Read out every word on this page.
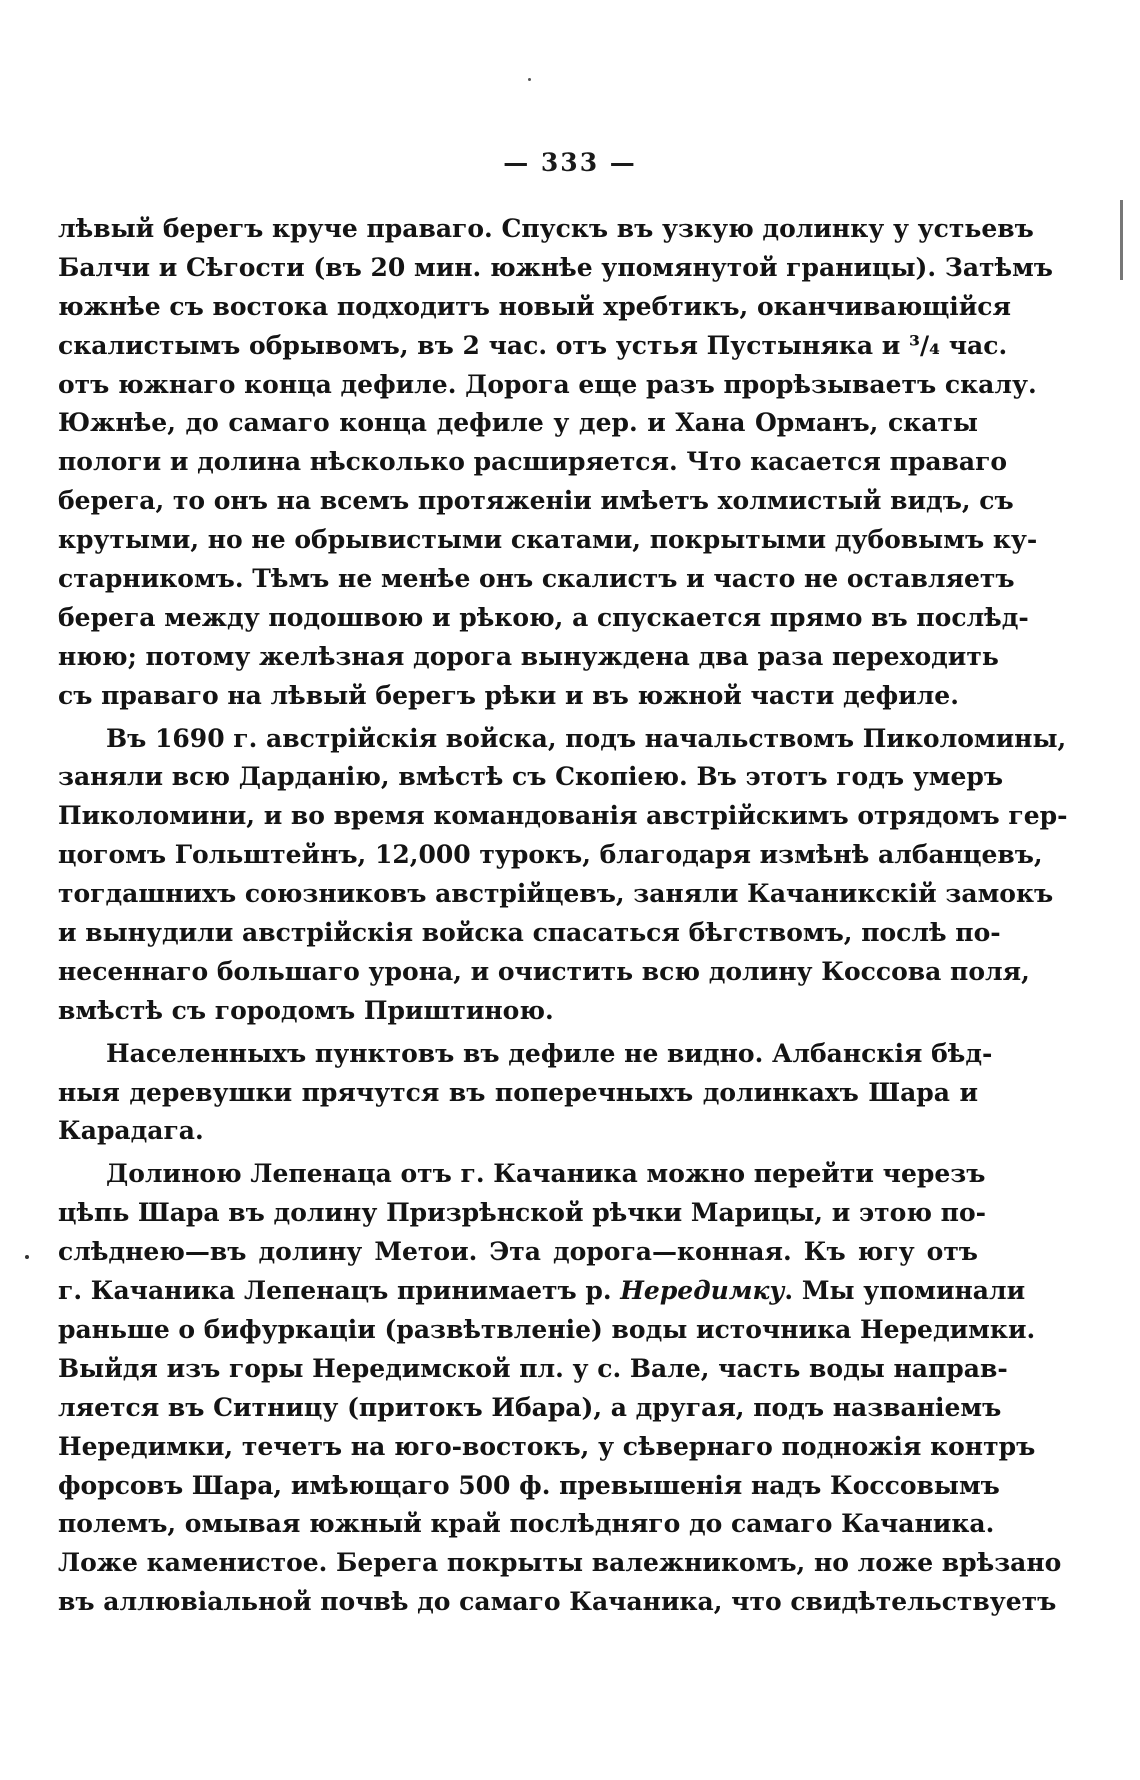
— 333 —
лѣвый берегъ круче праваго. Спускъ въ узкую долинку у устьевъ
Балчи и Сѣгости (въ 20 мин. южнѣе упомянутой границы). Затѣмъ
южнѣе съ востока подходитъ новый хребтикъ, оканчивающійся
скалистымъ обрывомъ, въ 2 час. отъ устья Пустыняка и ³/₄ час.
отъ южнаго конца дефиле. Дорога еще разъ прорѣзываетъ скалу.
Южнѣе, до самаго конца дефиле у дер. и Хана Орманъ, скаты
пологи и долина нѣсколько расширяется. Что касается праваго
берега, то онъ на всемъ протяженіи имѣетъ холмистый видъ, съ
крутыми, но не обрывистыми скатами, покрытыми дубовымъ ку-
старникомъ. Тѣмъ не менѣе онъ скалистъ и часто не оставляетъ
берега между подошвою и рѣкою, а спускается прямо въ послѣд-
нюю; потому желѣзная дорога вынуждена два раза переходить
съ праваго на лѣвый берегъ рѣки и въ южной части дефиле.
Въ 1690 г. австрійскія войска, подъ начальствомъ Пиколомины,
заняли всю Дарданію, вмѣстѣ съ Скопіею. Въ этотъ годъ умеръ
Пиколомини, и во время командованія австрійскимъ отрядомъ гер-
цогомъ Гольштейнъ, 12,000 турокъ, благодаря измѣнѣ албанцевъ,
тогдашнихъ союзниковъ австрійцевъ, заняли Качаникскій замокъ
и вынудили австрійскія войска спасаться бѣгствомъ, послѣ по-
несеннаго большаго урона, и очистить всю долину Коссова поля,
вмѣстѣ съ городомъ Приштиною.
Населенныхъ пунктовъ въ дефиле не видно. Албанскія бѣд-
ныя деревушки прячутся въ поперечныхъ долинкахъ Шара и
Карадага.
Долиною Лепенаца отъ г. Качаника можно перейти черезъ
цѣпь Шара въ долину Призрѣнской рѣчки Марицы, и этою по-
слѣднею—въ долину Метои. Эта дорога—конная. Къ югу отъ
г. Качаника Лепенацъ принимаетъ р. Нередимку. Мы упоминали
раньше о бифуркаціи (развѣтвленіе) воды источника Нередимки.
Выйдя изъ горы Нередимской пл. у с. Вале, часть воды направ-
ляется въ Ситницу (притокъ Ибара), а другая, подъ названіемъ
Нередимки, течетъ на юго-востокъ, у сѣвернаго подножія контръ
форсовъ Шара, имѣющаго 500 ф. превышенія надъ Коссовымъ
полемъ, омывая южный край послѣдняго до самаго Качаника.
Ложе каменистое. Берега покрыты валежникомъ, но ложе врѣзано
въ аллювіальной почвѣ до самаго Качаника, что свидѣтельствуетъ
